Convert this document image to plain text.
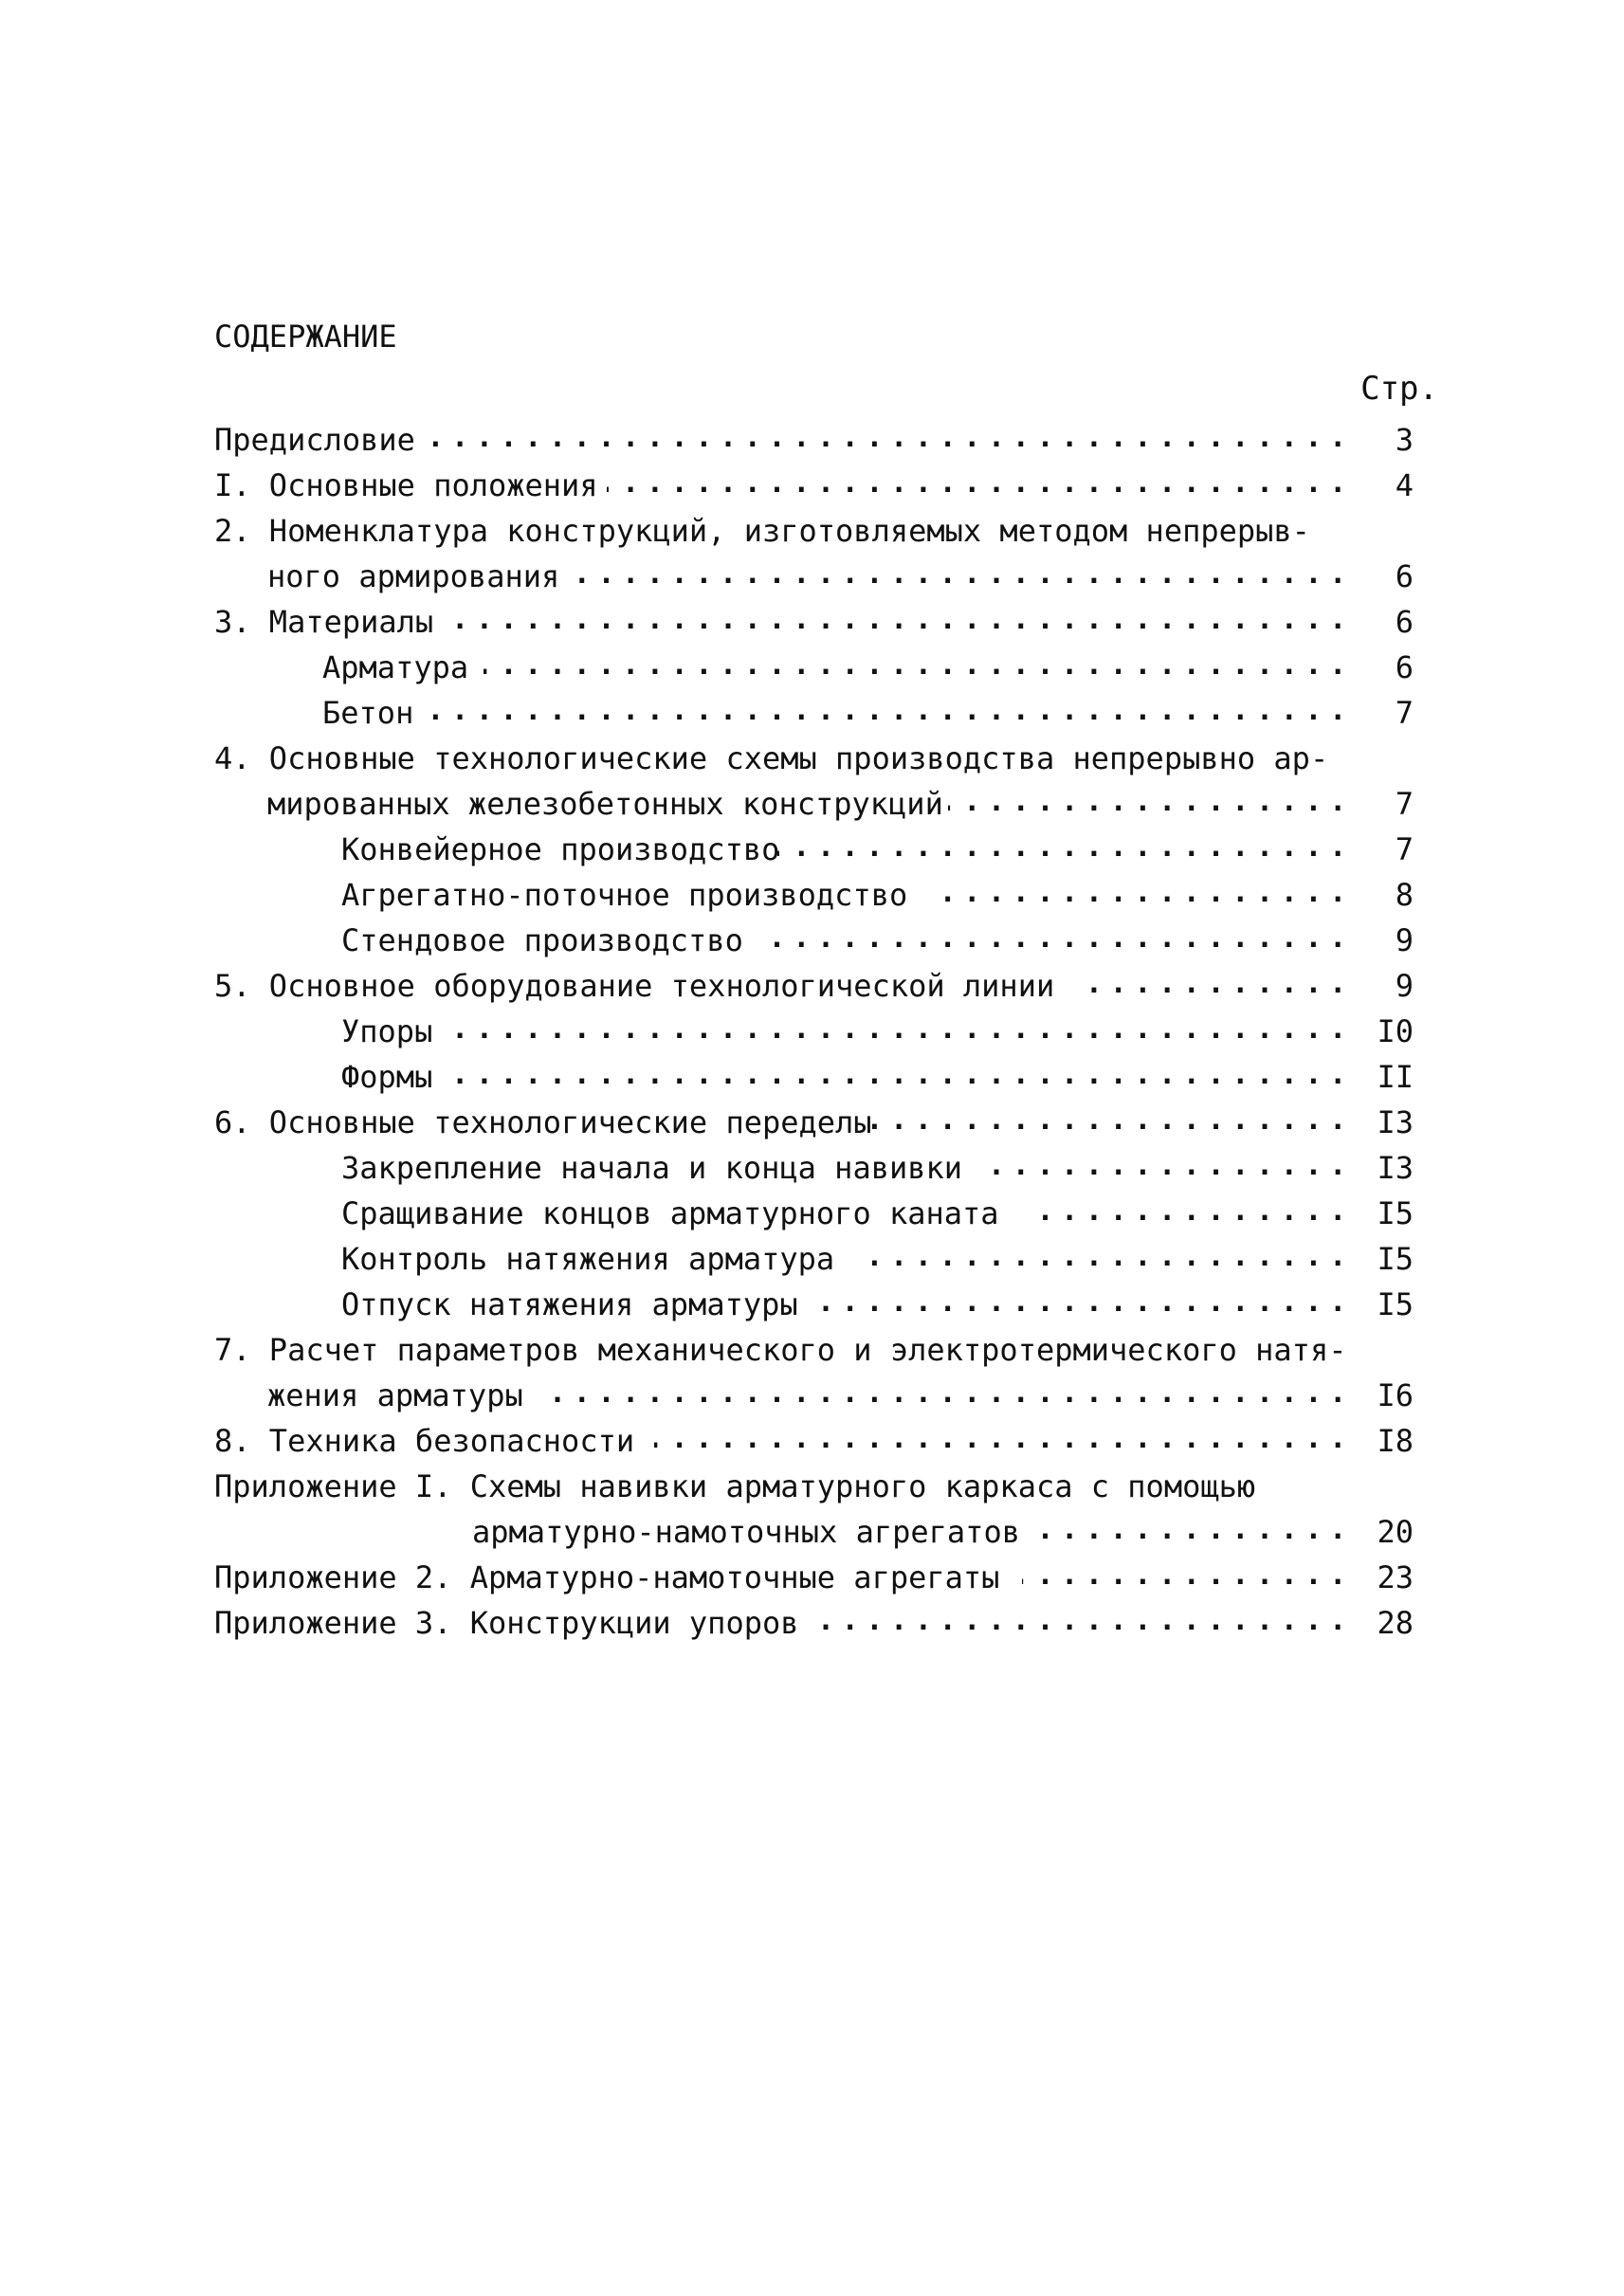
СОДЕРЖАНИЕ
Стр.
Предисловие . . .	3
I. Основные положения . . .	4
2. Номенклатура конструкций, изготовляемых методом непрерыв-
ного армирования . . .	6
3. Материалы . . .	6
Арматура . . .	6
Бетон . . .	7
4. Основные технологические схемы производства непрерывно ар-
мированных железобетонных конструкций . . .	7
Конвейерное производство . . .	7
Агрегатно-поточное производство . . .	8
Стендовое производство . . .	9
5. Основное оборудование технологической линии . . .	9
Упоры . . .	I0
Формы . . .	II
6. Основные технологические переделы . . .	I3
Закрепление начала и конца навивки . . .	I3
Сращивание концов арматурного каната . . .	I5
Контроль натяжения арматура . . .	I5
Отпуск натяжения арматуры . . .	I5
7. Расчет параметров механического и электротермического натя-
жения арматуры . . .	I6
8. Техника безопасности . . .	I8
Приложение I. Схемы навивки арматурного каркаса с помощью
арматурно-намоточных агрегатов . . .	20
Приложение 2. Арматурно-намоточные агрегаты . . .	23
Приложение 3. Конструкции упоров . . .	28
